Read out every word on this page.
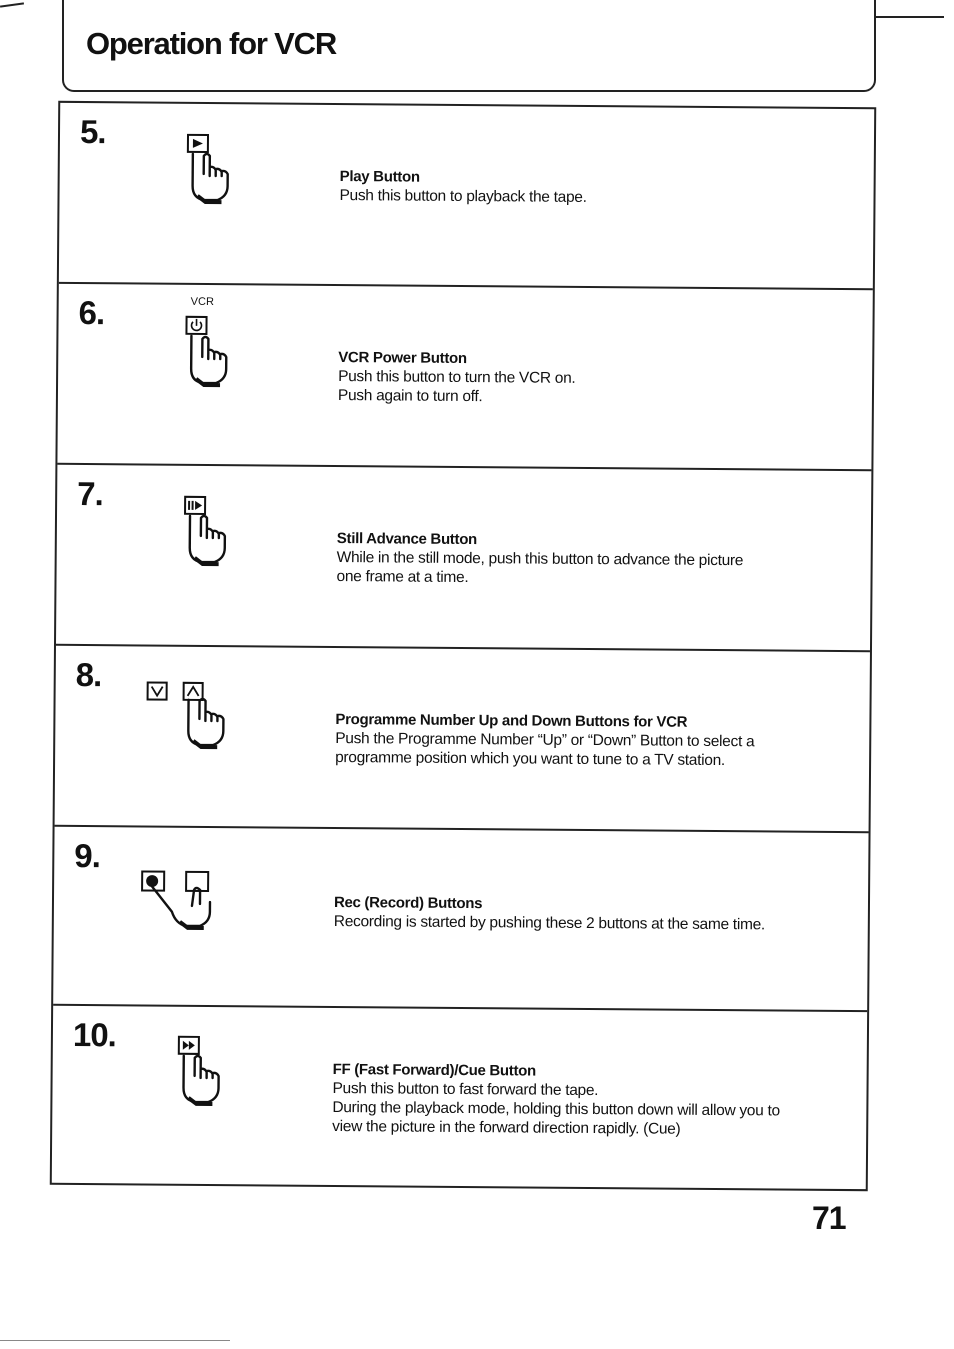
Operation for VCR
5.
Play Button
Push this button to playback the tape.
6.	VCR
VCR Power Button
Push this button to turn the VCR on.
Push again to turn off.
7.
Still Advance Button
While in the still mode, push this button to advance the picture
one frame at a time.
8.
Programme Number Up and Down Buttons for VCR
Push the Programme Number “Up” or “Down” Button to select a
programme position which you want to tune to a TV station.
9.
Rec (Record) Buttons
Recording is started by pushing these 2 buttons at the same time.
10.
FF (Fast Forward)/Cue Button
Push this button to fast forward the tape.
During the playback mode, holding this button down will allow you to
view the picture in the forward direction rapidly. (Cue)
71
